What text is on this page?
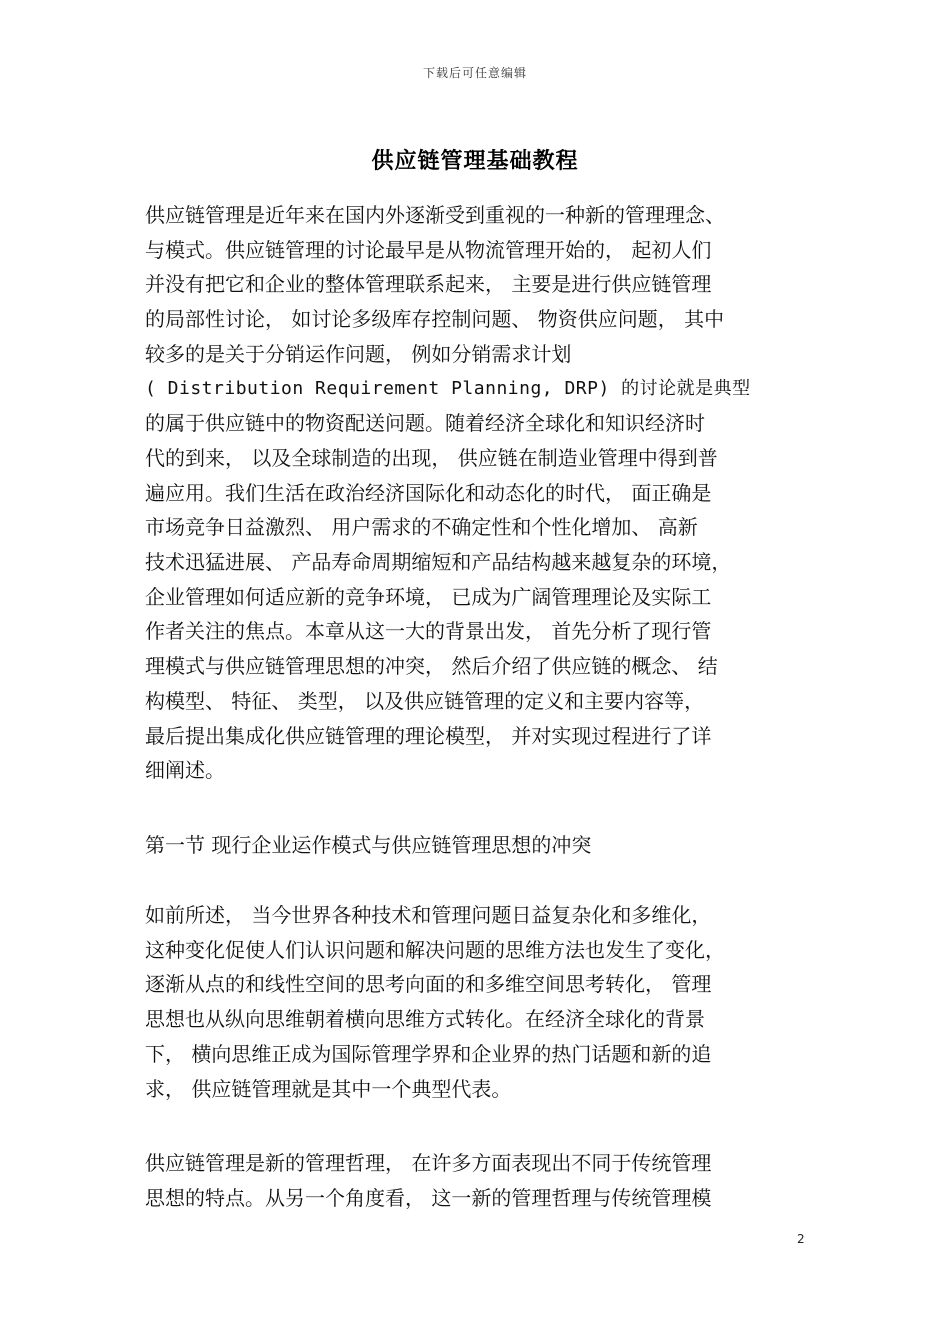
下载后可任意编辑
供应链管理基础教程
供应链管理是近年来在国内外逐渐受到重视的一种新的管理理念、
与模式。供应链管理的讨论最早是从物流管理开始的， 起初人们
并没有把它和企业的整体管理联系起来， 主要是进行供应链管理
的局部性讨论， 如讨论多级库存控制问题、 物资供应问题， 其中
较多的是关于分销运作问题， 例如分销需求计划
( Distribution Requirement Planning, DRP) 的讨论就是典型
的属于供应链中的物资配送问题。随着经济全球化和知识经济时
代的到来， 以及全球制造的出现， 供应链在制造业管理中得到普
遍应用。我们生活在政治经济国际化和动态化的时代， 面正确是
市场竞争日益激烈、 用户需求的不确定性和个性化增加、 高新
技术迅猛进展、 产品寿命周期缩短和产品结构越来越复杂的环境，
企业管理如何适应新的竞争环境， 已成为广阔管理理论及实际工
作者关注的焦点。本章从这一大的背景出发， 首先分析了现行管
理模式与供应链管理思想的冲突， 然后介绍了供应链的概念、 结
构模型、 特征、 类型， 以及供应链管理的定义和主要内容等，
最后提出集成化供应链管理的理论模型， 并对实现过程进行了详
细阐述。
第一节 现行企业运作模式与供应链管理思想的冲突
如前所述， 当今世界各种技术和管理问题日益复杂化和多维化，
这种变化促使人们认识问题和解决问题的思维方法也发生了变化，
逐渐从点的和线性空间的思考向面的和多维空间思考转化， 管理
思想也从纵向思维朝着横向思维方式转化。在经济全球化的背景
下， 横向思维正成为国际管理学界和企业界的热门话题和新的追
求， 供应链管理就是其中一个典型代表。
供应链管理是新的管理哲理， 在许多方面表现出不同于传统管理
思想的特点。从另一个角度看， 这一新的管理哲理与传统管理模
2
